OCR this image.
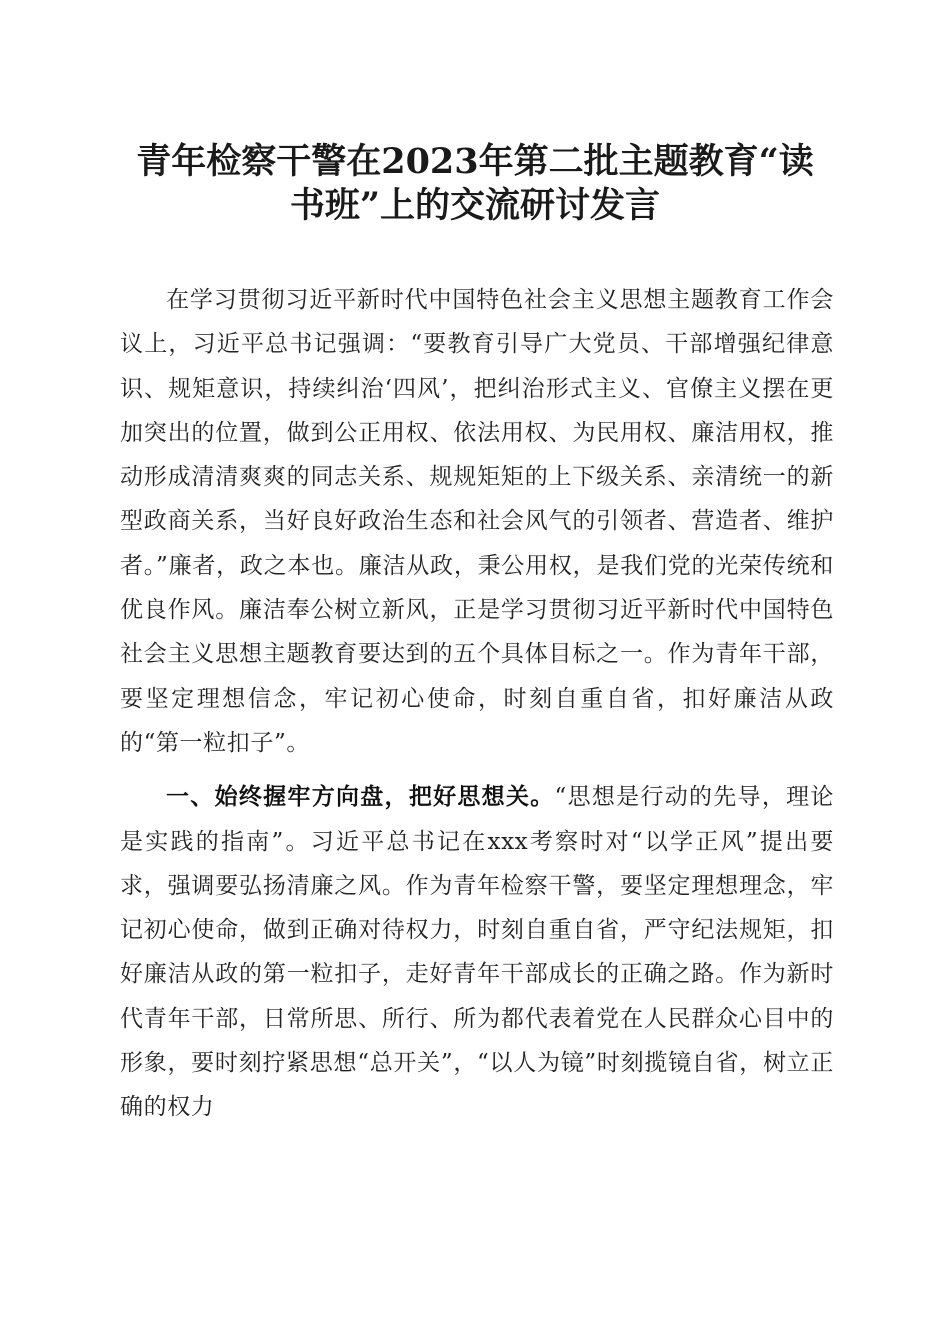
青年检察干警在2023年第二批主题教育“读
书班”上的交流研讨发言

在学习贯彻习近平新时代中国特色社会主义思想主题教育工作会议上，习近平总书记强调：“要教育引导广大党员、干部增强纪律意识、规矩意识，持续纠治‘四风’，把纠治形式主义、官僚主义摆在更加突出的位置，做到公正用权、依法用权、为民用权、廉洁用权，推动形成清清爽爽的同志关系、规规矩矩的上下级关系、亲清统一的新型政商关系，当好良好政治生态和社会风气的引领者、营造者、维护者。”廉者，政之本也。廉洁从政，秉公用权，是我们党的光荣传统和优良作风。廉洁奉公树立新风，正是学习贯彻习近平新时代中国特色社会主义思想主题教育要达到的五个具体目标之一。作为青年干部，要坚定理想信念，牢记初心使命，时刻自重自省，扣好廉洁从政的“第一粒扣子”。

一、始终握牢方向盘，把好思想关。“思想是行动的先导，理论是实践的指南”。习近平总书记在xxx考察时对“以学正风”提出要求，强调要弘扬清廉之风。作为青年检察干警，要坚定理想理念，牢记初心使命，做到正确对待权力，时刻自重自省，严守纪法规矩，扣好廉洁从政的第一粒扣子，走好青年干部成长的正确之路。作为新时代青年干部，日常所思、所行、所为都代表着党在人民群众心目中的形象，要时刻拧紧思想“总开关”，“以人为镜”时刻揽镜自省，树立正确的权力
